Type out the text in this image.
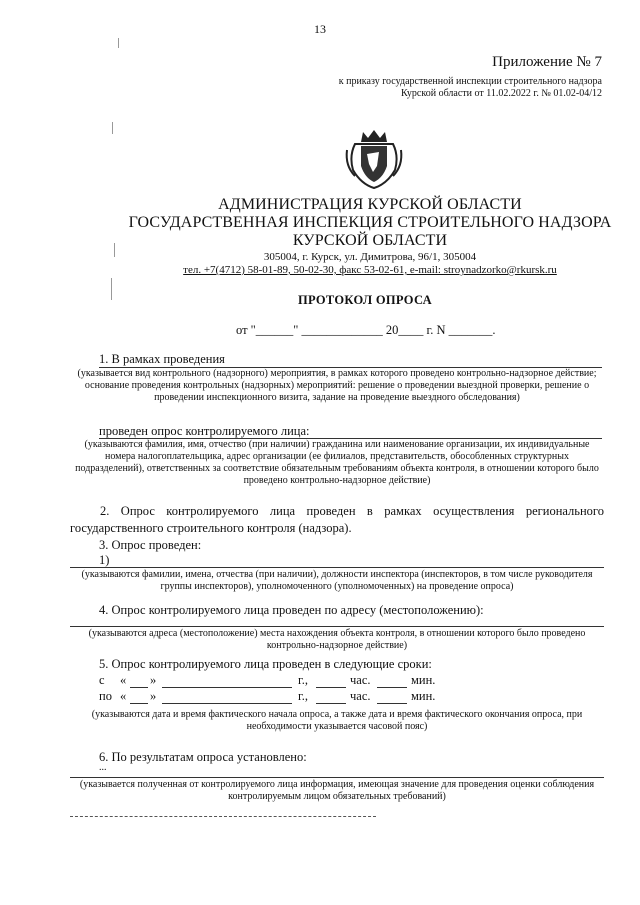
13
Приложение № 7
к приказу государственной инспекции строительного надзора
Курской области от 11.02.2022 г. № 01.02-04/12
АДМИНИСТРАЦИЯ КУРСКОЙ ОБЛАСТИ
ГОСУДАРСТВЕННАЯ ИНСПЕКЦИЯ СТРОИТЕЛЬНОГО НАДЗОРА
КУРСКОЙ ОБЛАСТИ
305004, г. Курск, ул. Димитрова, 96/1, 305004
тел. +7(4712) 58-01-89, 50-02-30, факс 53-02-61, e-mail: stroynadzorko@rkursk.ru
ПРОТОКОЛ ОПРОСА
от "______" _____________ 20____ г. N _______.
1. В рамках проведения
(указывается вид контрольного (надзорного) мероприятия, в рамках которого проведено контрольно-надзорное действие; основание проведения контрольных (надзорных) мероприятий: решение о проведении выездной проверки, решение о проведении инспекционного визита, задание на проведение выездного обследования)
проведен опрос контролируемого лица:
(указываются фамилия, имя, отчество (при наличии) гражданина или наименование организации, их индивидуальные номера налогоплательщика, адрес организации (ее филиалов, представительств, обособленных структурных подразделений), ответственных за соответствие обязательным требованиям объекта контроля, в отношении которого было проведено контрольно-надзорное действие)
2. Опрос контролируемого лица проведен в рамках осуществления регионального государственного строительного контроля (надзора).
3. Опрос проведен:
1)
(указываются фамилии, имена, отчества (при наличии), должности инспектора (инспекторов, в том числе руководителя группы инспекторов), уполномоченного (уполномоченных) на проведение опроса)
4. Опрос контролируемого лица проведен по адресу (местоположению):
(указываются адреса (местоположение) места нахождения объекта контроля, в отношении которого было проведено контрольно-надзорное действие)
5. Опрос контролируемого лица проведен в следующие сроки:
с « »	г.,	час.	мин.
по « »	г.,	час.	мин.
(указываются дата и время фактического начала опроса, а также дата и время фактического окончания опроса, при необходимости указывается часовой пояс)
6. По результатам опроса установлено:
...
(указывается полученная от контролируемого лица информация, имеющая значение для проведения оценки соблюдения контролируемым лицом обязательных требований)
